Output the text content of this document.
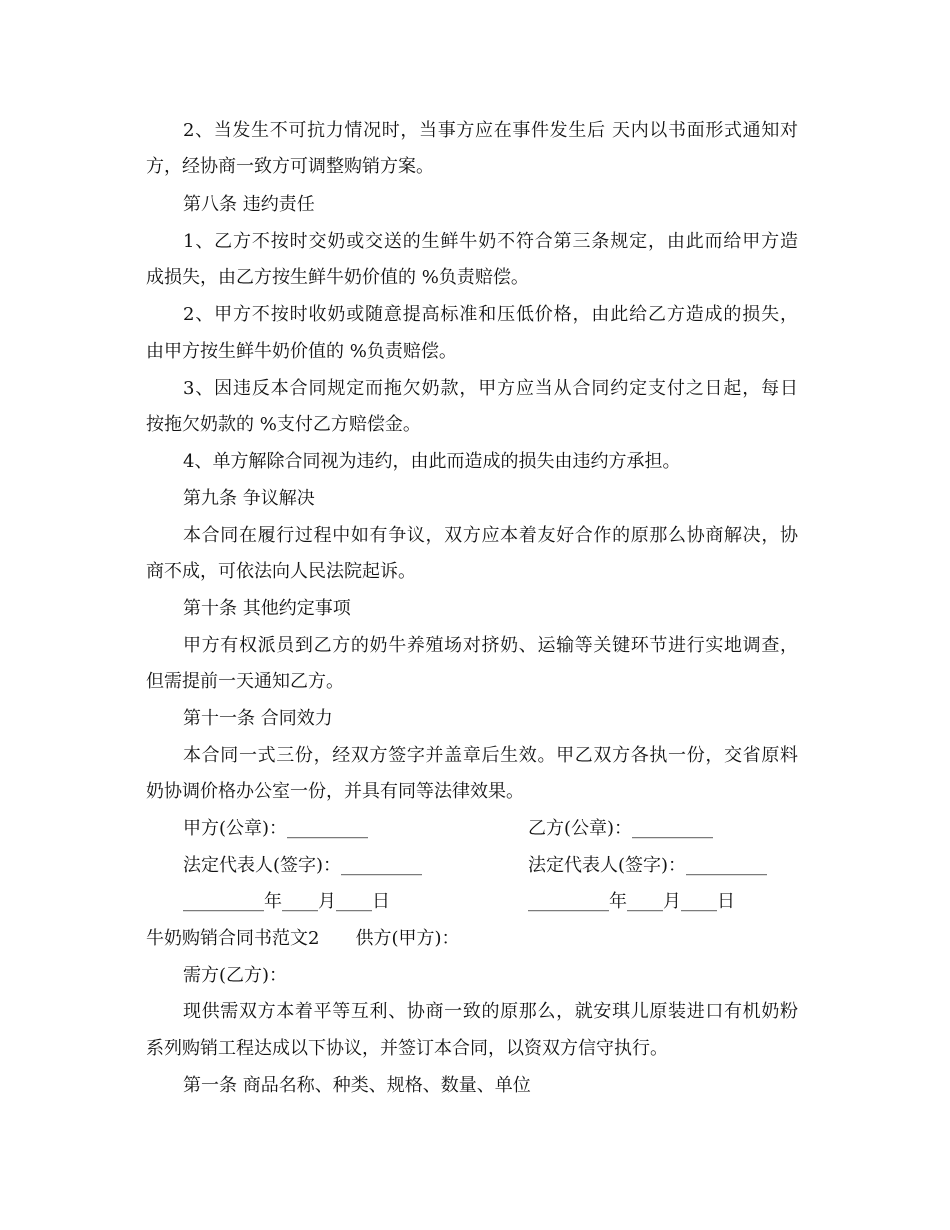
2、当发生不可抗力情况时，当事方应在事件发生后 天内以书面形式通知对
方，经协商一致方可调整购销方案。
第八条 违约责任
1、乙方不按时交奶或交送的生鲜牛奶不符合第三条规定，由此而给甲方造
成损失，由乙方按生鲜牛奶价值的 %负责赔偿。
2、甲方不按时收奶或随意提高标准和压低价格，由此给乙方造成的损失，
由甲方按生鲜牛奶价值的 %负责赔偿。
3、因违反本合同规定而拖欠奶款，甲方应当从合同约定支付之日起，每日
按拖欠奶款的 %支付乙方赔偿金。
4、单方解除合同视为违约，由此而造成的损失由违约方承担。
第九条 争议解决
本合同在履行过程中如有争议，双方应本着友好合作的原那么协商解决，协
商不成，可依法向人民法院起诉。
第十条 其他约定事项
甲方有权派员到乙方的奶牛养殖场对挤奶、运输等关键环节进行实地调查，
但需提前一天通知乙方。
第十一条 合同效力
本合同一式三份，经双方签字并盖章后生效。甲乙双方各执一份，交省原料
奶协调价格办公室一份，并具有同等法律效果。
甲方(公章)：_________	乙方(公章)：_________
法定代表人(签字)：_________	法定代表人(签字)：_________
_________年____月____日	_________年____月____日
牛奶购销合同书范文2　　供方(甲方)：
需方(乙方)：
现供需双方本着平等互利、协商一致的原那么，就安琪儿原装进口有机奶粉
系列购销工程达成以下协议，并签订本合同，以资双方信守执行。
第一条 商品名称、种类、规格、数量、单位
